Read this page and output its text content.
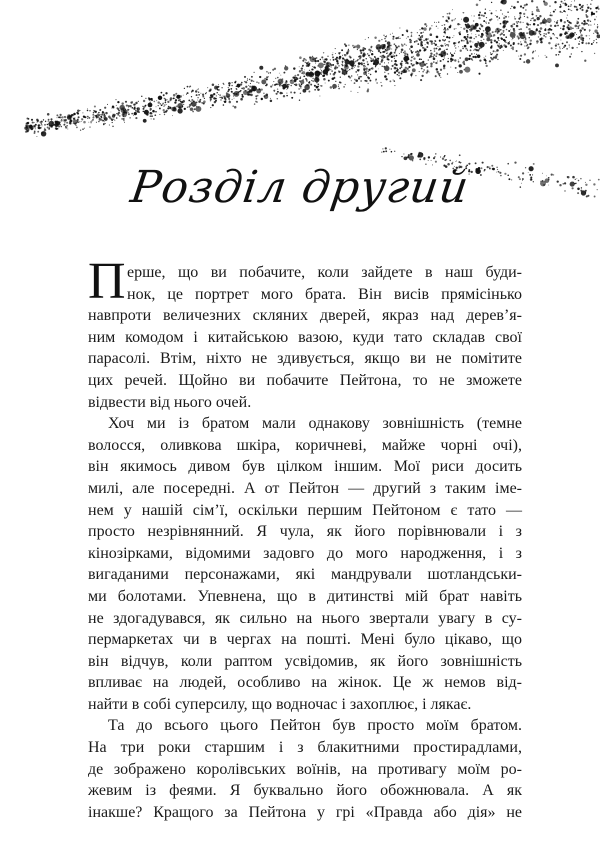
Розділ другий
П ерше, що ви побачите, коли зайдете в наш буди-
нок, це портрет мого брата. Він висів прямісінько
навпроти величезних скляних дверей, якраз над дерев’я-
ним комодом і китайською вазою, куди тато складав свої
парасолі. Втім, ніхто не здивується, якщо ви не помітите
цих речей. Щойно ви побачите Пейтона, то не зможете
відвести від нього очей.
Хоч ми із братом мали однакову зовнішність (темне
волосся, оливкова шкіра, коричневі, майже чорні очі),
він якимось дивом був цілком іншим. Мої риси досить
милі, але посередні. А от Пейтон — другий з таким іме-
нем у нашій сім’ї, оскільки першим Пейтоном є тато —
просто незрівнянний. Я чула, як його порівнювали і з
кінозірками, відомими задовго до мого народження, і з
вигаданими персонажами, які мандрували шотландськи-
ми болотами. Упевнена, що в дитинстві мій брат навіть
не здогадувався, як сильно на нього звертали увагу в су-
пермаркетах чи в чергах на пошті. Мені було цікаво, що
він відчув, коли раптом усвідомив, як його зовнішність
впливає на людей, особливо на жінок. Це ж немов від-
найти в собі суперсилу, що водночас і захоплює, і лякає.
Та до всього цього Пейтон був просто моїм братом.
На три роки старшим і з блакитними простирадлами,
де зображено королівських воїнів, на противагу моїм ро-
жевим із феями. Я буквально його обожнювала. А як
інакше? Кращого за Пейтона у грі «Правда або дія» не
